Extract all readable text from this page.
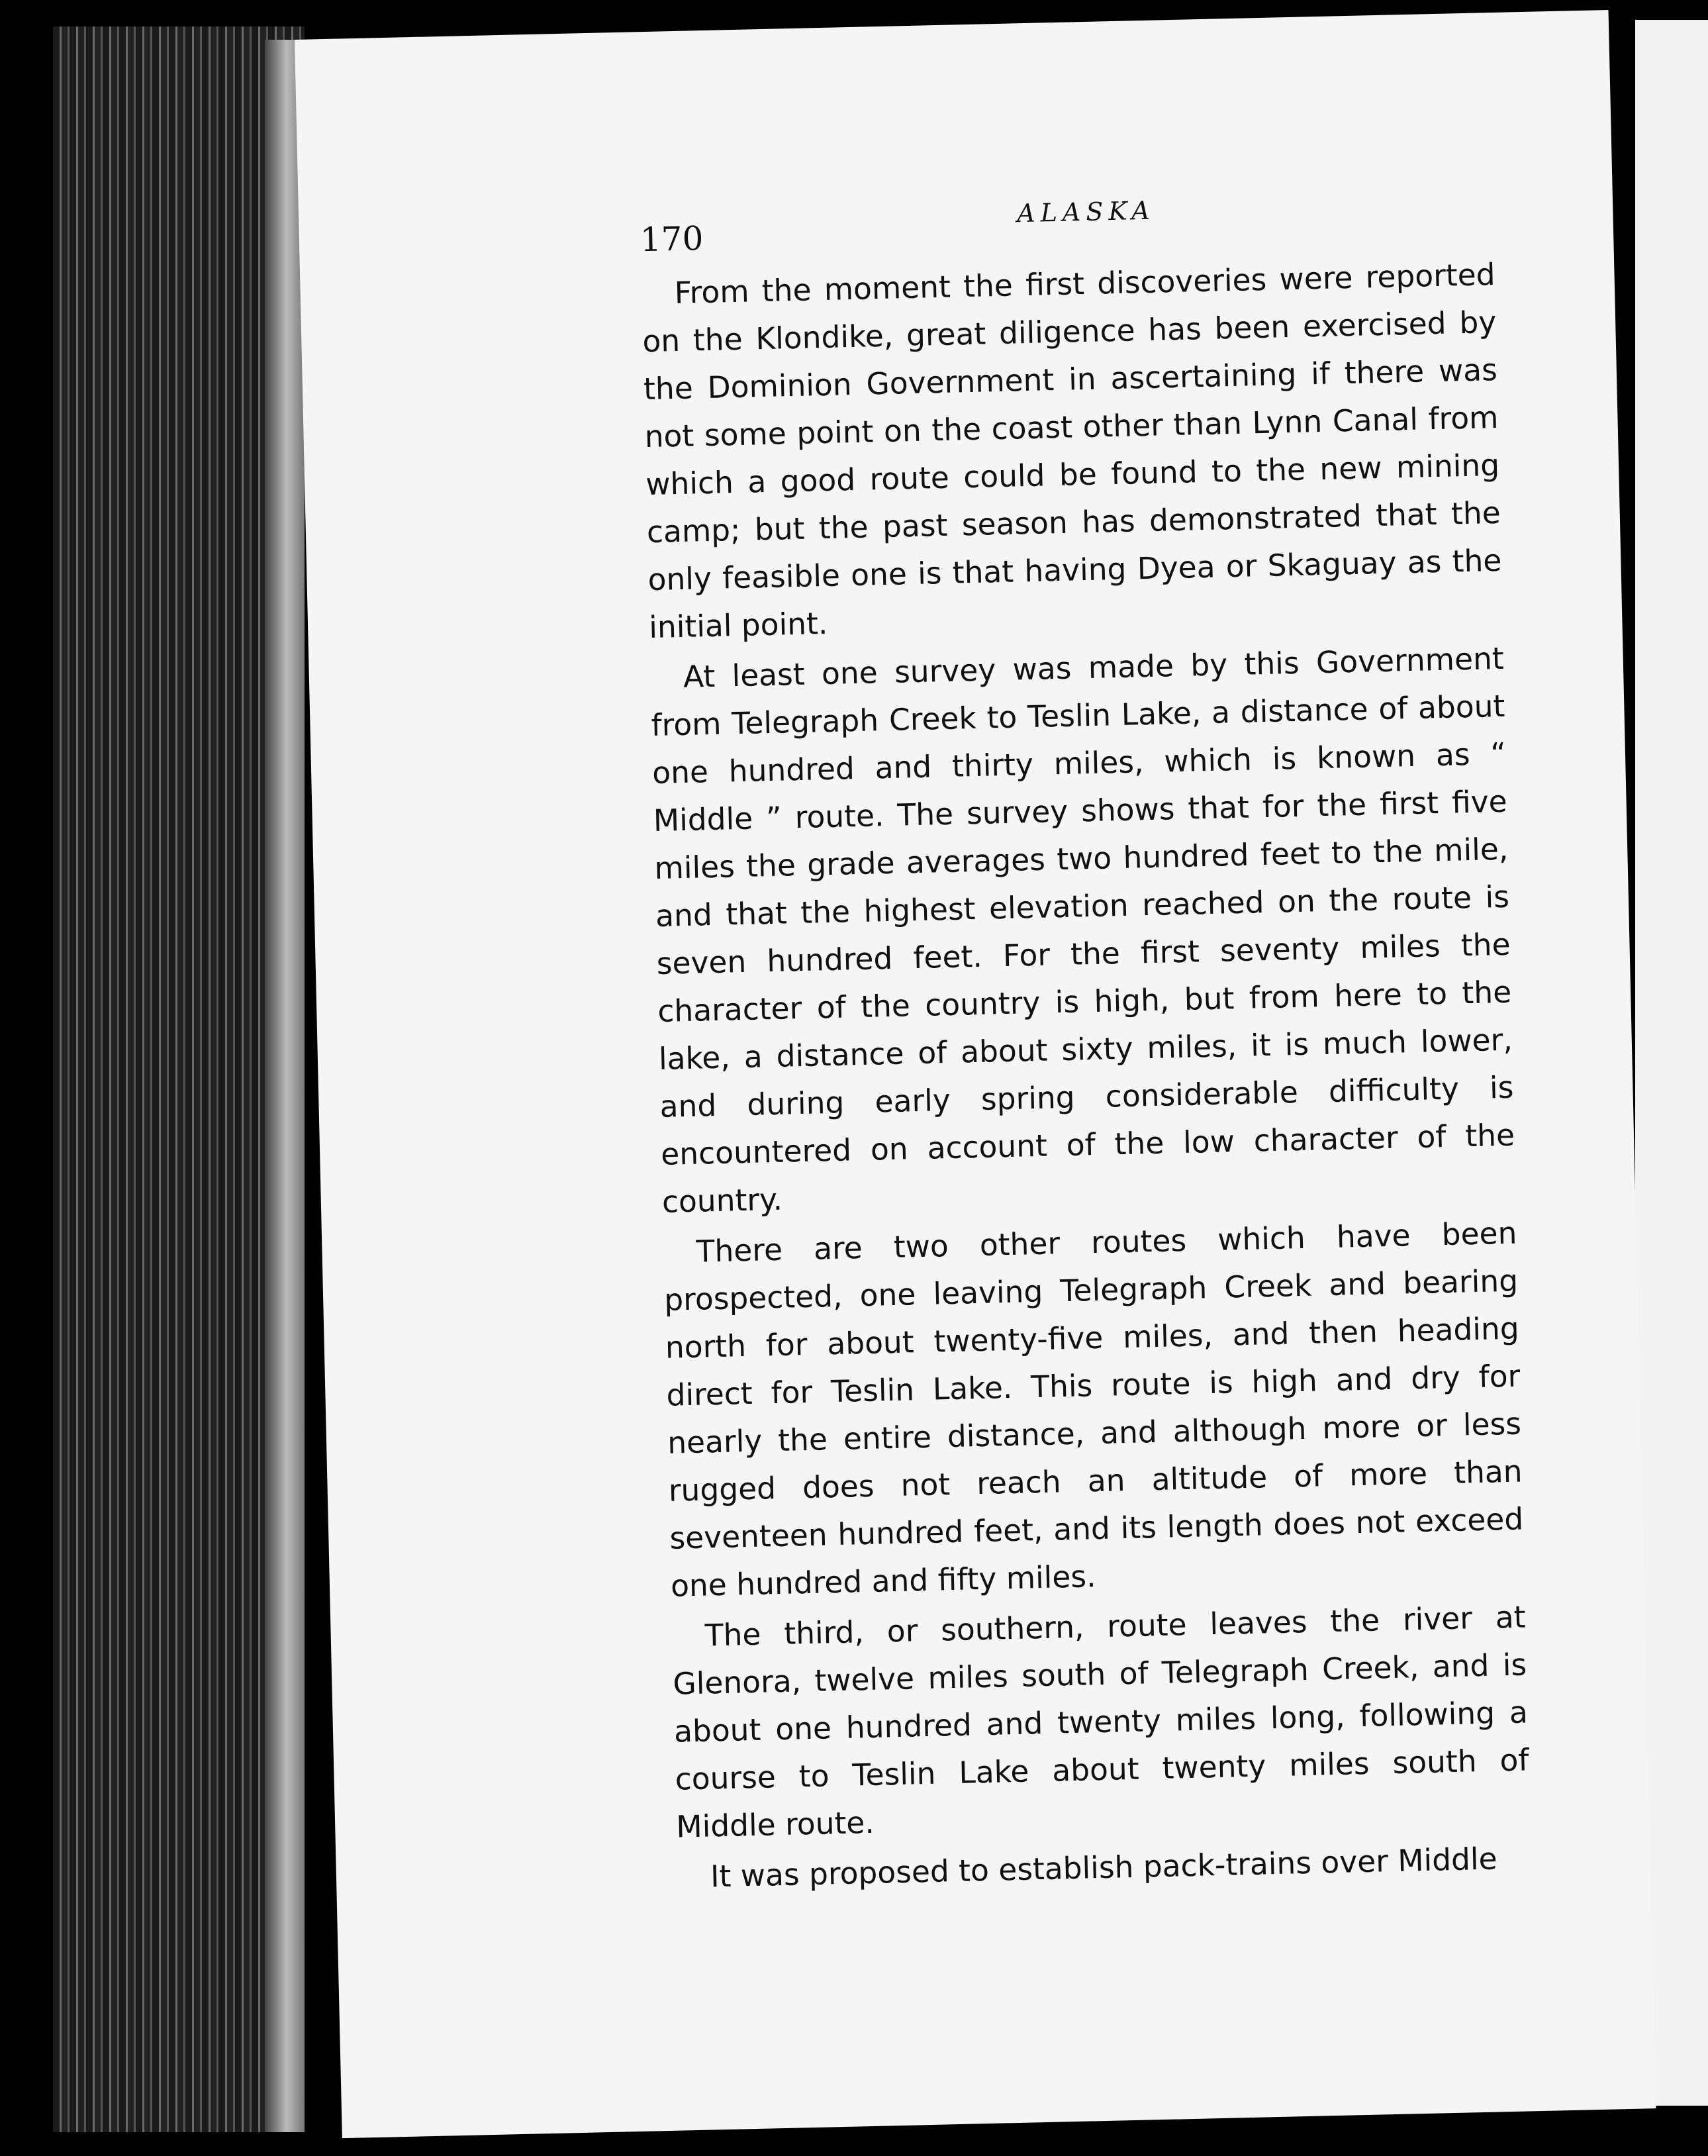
170
ALASKA

From the moment the first discoveries were reported on the Klondike, great diligence has been exercised by the Dominion Government in ascertaining if there was not some point on the coast other than Lynn Canal from which a good route could be found to the new mining camp; but the past season has demonstrated that the only feasible one is that having Dyea or Skaguay as the initial point.

At least one survey was made by this Government from Telegraph Creek to Teslin Lake, a distance of about one hundred and thirty miles, which is known as “ Middle ” route. The survey shows that for the first five miles the grade averages two hundred feet to the mile, and that the highest elevation reached on the route is seven hundred feet. For the first seventy miles the character of the country is high, but from here to the lake, a distance of about sixty miles, it is much lower, and during early spring considerable difficulty is encountered on account of the low character of the country.

There are two other routes which have been prospected, one leaving Telegraph Creek and bearing north for about twenty-five miles, and then heading direct for Teslin Lake. This route is high and dry for nearly the entire distance, and although more or less rugged does not reach an altitude of more than seventeen hundred feet, and its length does not exceed one hundred and fifty miles.

The third, or southern, route leaves the river at Glenora, twelve miles south of Telegraph Creek, and is about one hundred and twenty miles long, following a course to Teslin Lake about twenty miles south of Middle route.

It was proposed to establish pack-trains over Middle
